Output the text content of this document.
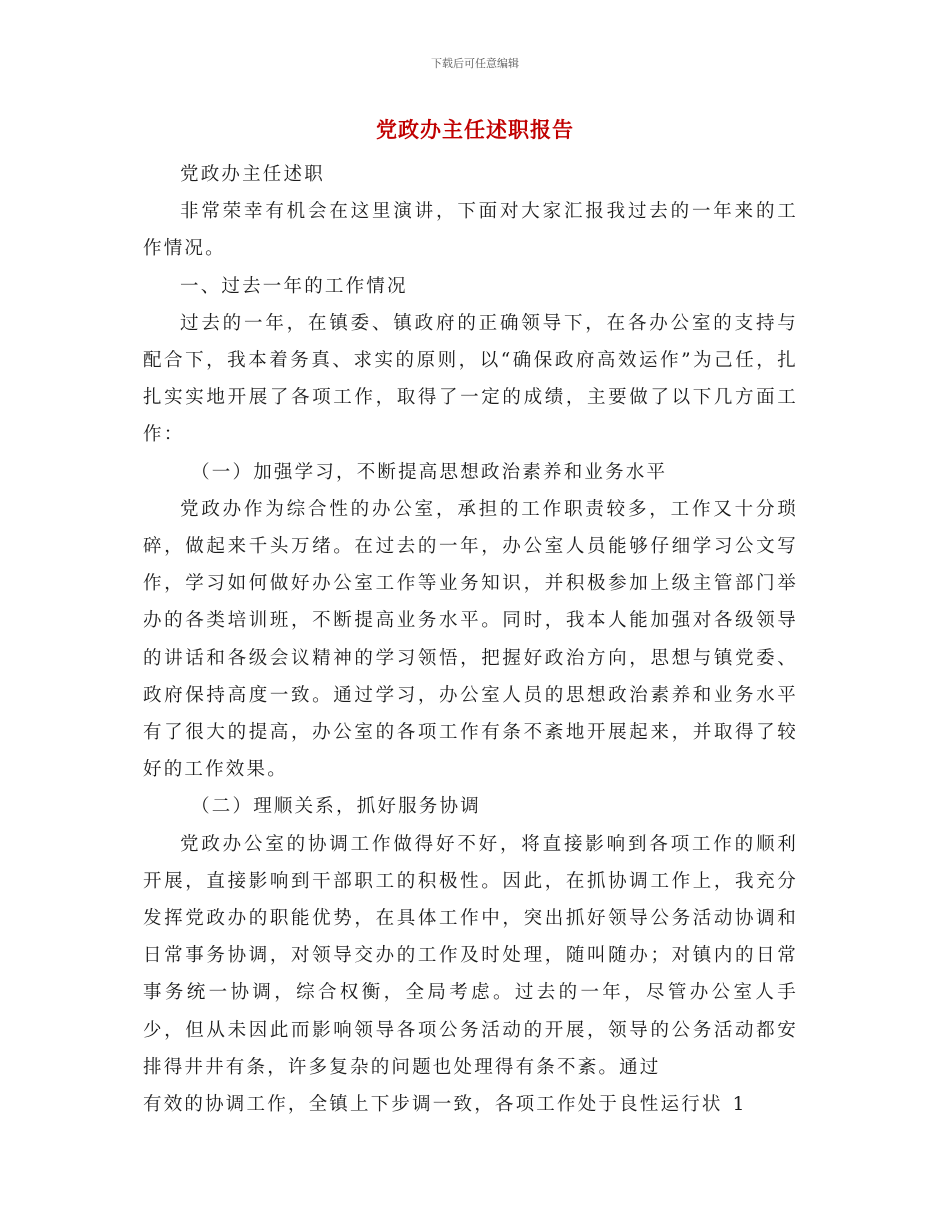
下载后可任意编辑
党政办主任述职报告

党政办主任述职

非常荣幸有机会在这里演讲，下面对大家汇报我过去的一年来的工作情况。

一、过去一年的工作情况

过去的一年，在镇委、镇政府的正确领导下，在各办公室的支持与配合下，我本着务真、求实的原则，以“确保政府高效运作”为己任，扎扎实实地开展了各项工作，取得了一定的成绩，主要做了以下几方面工作：

（一）加强学习，不断提高思想政治素养和业务水平

党政办作为综合性的办公室，承担的工作职责较多，工作又十分琐碎，做起来千头万绪。在过去的一年，办公室人员能够仔细学习公文写作，学习如何做好办公室工作等业务知识，并积极参加上级主管部门举办的各类培训班，不断提高业务水平。同时，我本人能加强对各级领导的讲话和各级会议精神的学习领悟，把握好政治方向，思想与镇党委、政府保持高度一致。通过学习，办公室人员的思想政治素养和业务水平有了很大的提高，办公室的各项工作有条不紊地开展起来，并取得了较好的工作效果。

（二）理顺关系，抓好服务协调

党政办公室的协调工作做得好不好，将直接影响到各项工作的顺利开展，直接影响到干部职工的积极性。因此，在抓协调工作上，我充分发挥党政办的职能优势，在具体工作中，突出抓好领导公务活动协调和日常事务协调，对领导交办的工作及时处理，随叫随办；对镇内的日常事务统一协调，综合权衡，全局考虑。过去的一年，尽管办公室人手少，但从未因此而影响领导各项公务活动的开展，领导的公务活动都安排得井井有条，许多复杂的问题也处理得有条不紊。通过

有效的协调工作，全镇上下步调一致，各项工作处于良性运行状 1
